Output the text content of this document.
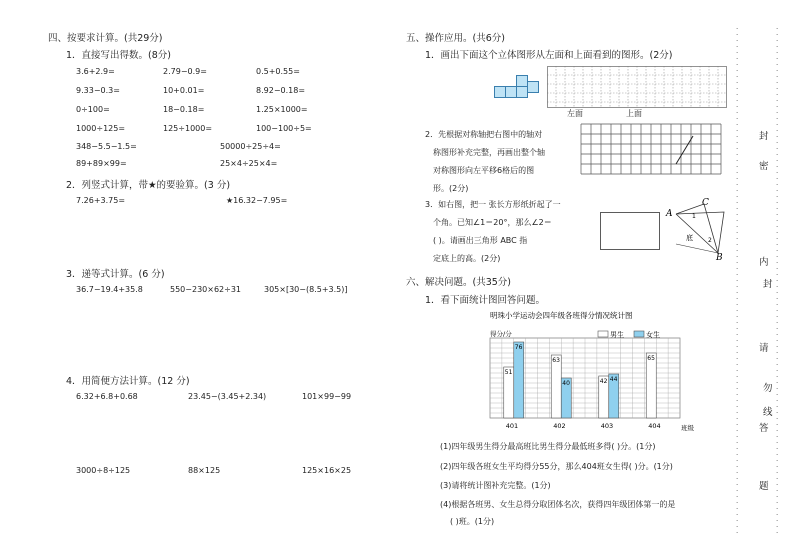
四、按要求计算。(共29分)
1．直接写出得数。(8分)
3.6+2.9=	2.79−0.9=	0.5+0.55=
9.33−0.3=	10+0.01=	8.92−0.18=
0÷100=	18−0.18=	1.25×1000=
1000÷125=	125÷1000=	100−100÷5=
348−5.5−1.5=	50000÷25÷4=
89+89×99=	25×4÷25×4=
2．列竖式计算，带★的要验算。(3 分)
7.26+3.75=	★16.32−7.95=
3．递等式计算。(6 分)
36.7−19.4+35.8	550−230×62÷31	305×[30−(8.5+3.5)]
4．用简便方法计算。(12 分)
6.32+6.8+0.68	23.45−(3.45+2.34)	101×99−99
3000÷8÷125	88×125	125×16×25
五、操作应用。(共6分)
1．画出下面这个立体图形从左面和上面看到的图形。(2分)
左面	上面
2．先根据对称轴把右图中的轴对
称图形补充完整，再画出整个轴
对称图形向左平移6格后的图
形。(2分)
3．如右图，把一 张长方形纸折起了一
个角。已知∠1＝20°，那么∠2＝
( )。请画出三角形 ABC 指
定底上的高。(2分)
A
C
B
1
2
底
六、解决问题。(共35分)
1．看下面统计图回答问题。
明珠小学运动会四年级各班得分情况统计图
得分/分
班级
401
51
76
402
63
40
403
42 44
404
65
男生	女生
(1)四年级男生得分最高班比男生得分最低班多得( )分。(1分)
(2)四年级各班女生平均得分55分，那么404班女生得( )分。(1分)
(3)请将统计图补充完整。(1分)
(4)根据各班男、女生总得分取团体名次，获得四年级团体第一的是
( )班。(1分)
·
·
·
·
·
·
·
·
·
·
·
·
·
·
·
·
·
·
·
·
·
·
·
·
·
·
·
·
·
·
·
·
·
·
·
·
·
·
·
·
·
·
·
·
·
·
·
·
·
·
·
·
·
·
·
·
·
·
·
·
·
·
·
·
·
·
·
·
·
·
·
·
·
·
·
·
·
·
·
·
·
·
·
·
·

·
·
·
·
·
·
·
·
·
·
·
·
·
·
·
·
·
·
·
·
·
·
·
·
·
·
·
·
·
·
·
·
·
·
·
·
·
·
·
·
·
·
·
·
·
·
·
·
·
·
·
·
·
·
·
·
·
·
·
·
·
·
·
·
·
·
·
·
·
·
·
·
·
·
·
·
·
·
·
·
·
·
·
·
·

封
密
内
封
请
勿
线
答
题
